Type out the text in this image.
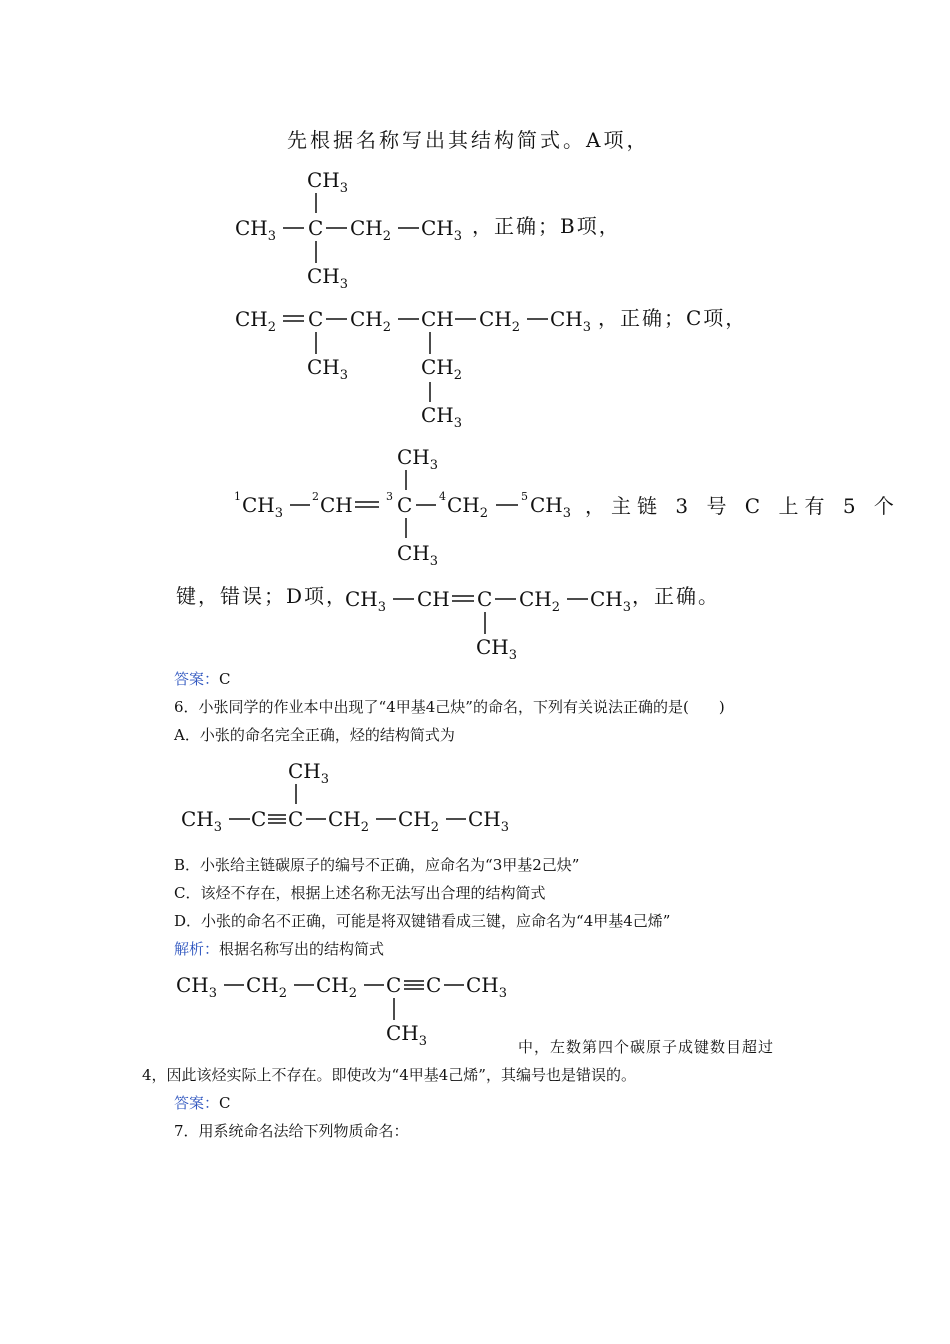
先根据名称写出其结构简式。A项，
$CH_3$
$CH_3$ C $CH_2$ $CH_3$
$CH_3$
，正确；B项，
$CH_2$ C $CH_2$ CH $CH_2$ $CH_3$
$CH_3$	$CH_2$
$CH_3$
，正确；C项，
$CH_3$
1 $CH_3$
2 CH	3 C 4 $CH_2$
5 $CH_3$
$CH_3$
，主链 3 号 C 上有 5 个
键，错误；D项，
$CH_3$ CH C $CH_2$ $CH_3$
$CH_3$
，正确。
答案：C
6．小张同学的作业本中出现了“4甲基4己炔”的命名，下列有关说法正确的是(　　)
A．小张的命名完全正确，烃的结构简式为
$CH_3$
$CH_3$ C C $CH_2$ $CH_2$ $CH_3$
B．小张给主链碳原子的编号不正确，应命名为“3甲基2己炔”
C．该烃不存在，根据上述名称无法写出合理的结构简式
D．小张的命名不正确，可能是将双键错看成三键，应命名为“4甲基4己烯”
解析：根据名称写出的结构简式
$CH_3$ $CH_2$ $CH_2$ C C $CH_3$
$CH_3$	中，左数第四个碳原子成键数目超过
4，因此该烃实际上不存在。即使改为“4甲基4己烯”，其编号也是错误的。
答案：C
7．用系统命名法给下列物质命名：
